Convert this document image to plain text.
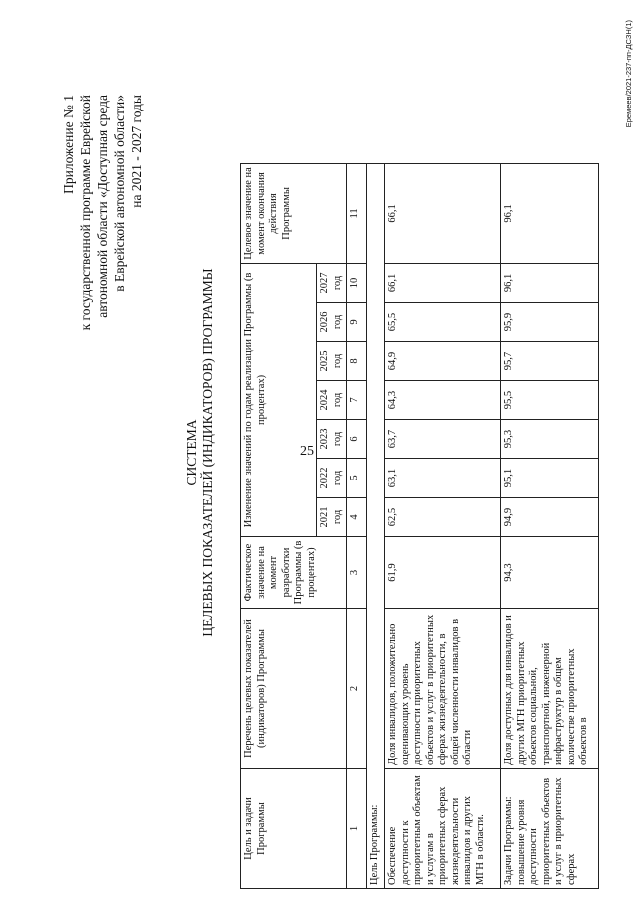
25
Приложение № 1 к государственной программе Еврейской автономной области «Доступная среда в Еврейской автономной области» на 2021 - 2027 годы
СИСТЕМА ЦЕЛЕВЫХ ПОКАЗАТЕЛЕЙ (ИНДИКАТОРОВ) ПРОГРАММЫ
Цель и задачи Программы	Перечень целевых показателей (индикаторов) Программы	Фактическое значение на момент разработки Программы (в процентах)	Изменение значений по годам реализации Программы (в процентах)							Целевое значение на момент окончания действия Программы
			2021 год	2022 год	2023 год	2024 год	2025 год	2026 год	2027 год	
1	2	3	4	5	6	7	8	9	10	11
Цель Программы:										
Обеспечение доступности к приоритетным объектам и услугам в приоритетных сферах жизнедеятельности инвалидов и других МГН в области.	Доля инвалидов, положительно оценивающих уровень доступности приоритетных объектов и услуг в приоритетных сферах жизнедеятельности, в общей численности инвалидов в области	61,9	62,5	63,1	63,7	64,3	64,9	65,5	66,1	66,1
Задачи Программы: повышение уровня доступности приоритетных объектов и услуг в приоритетных сферах	Доля доступных для инвалидов и других МГН приоритетных объектов социальной, транспортной, инженерной инфраструктур в общем количестве приоритетных объектов в	94,3	94,9	95,1	95,3	95,5	95,7	95,9	96,1	96,1
Еремеев/2021-237-пп-ДСЗН(1)
